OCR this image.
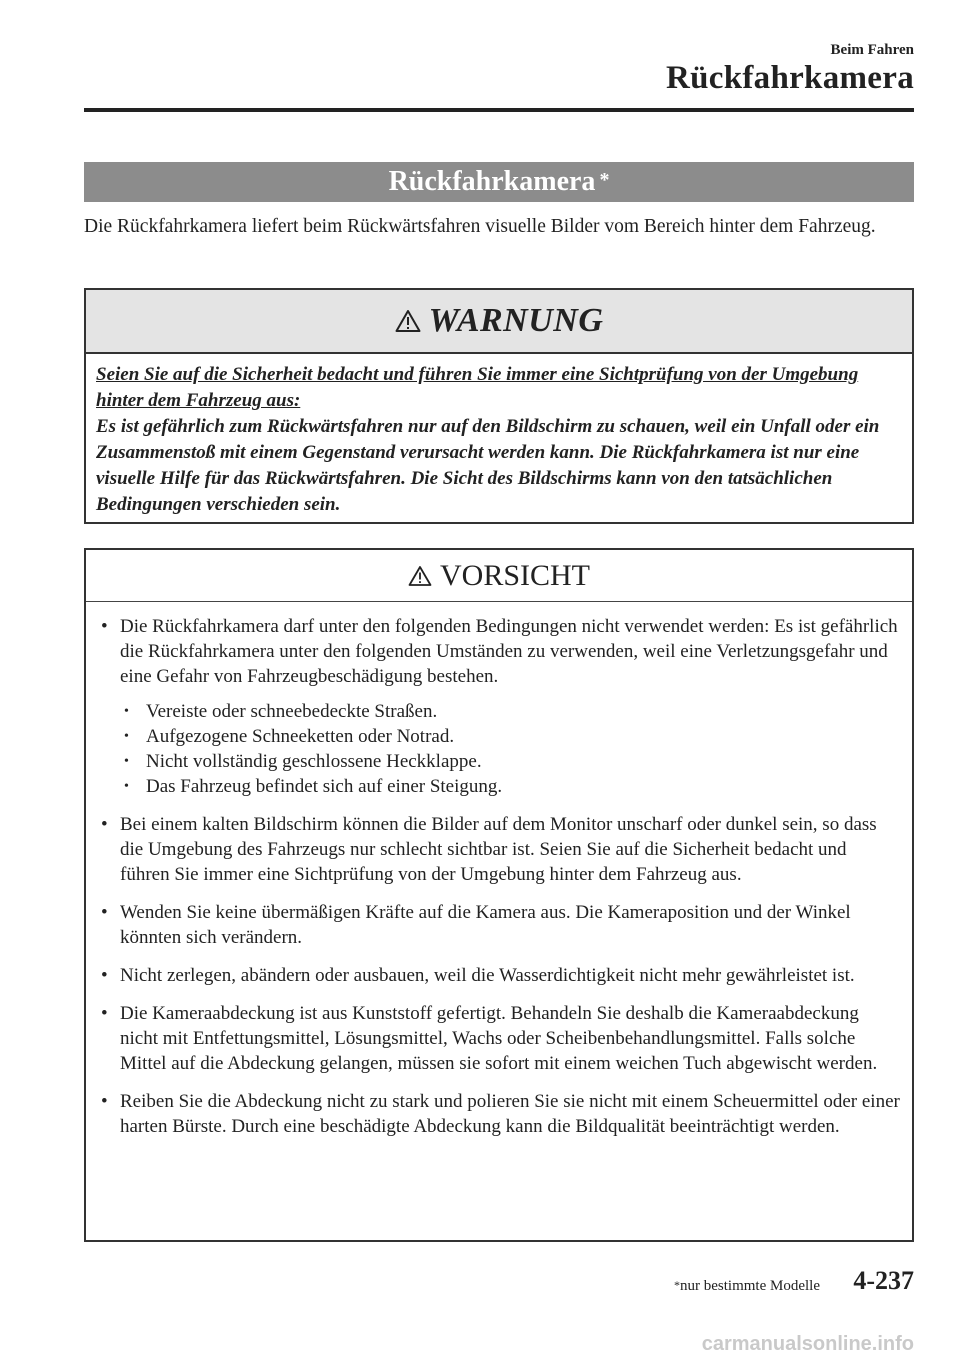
Beim Fahren
Rückfahrkamera
Rückfahrkamera *
Die Rückfahrkamera liefert beim Rückwärtsfahren visuelle Bilder vom Bereich hinter dem Fahrzeug.
WARNUNG
Seien Sie auf die Sicherheit bedacht und führen Sie immer eine Sichtprüfung von der Umgebung hinter dem Fahrzeug aus:
Es ist gefährlich zum Rückwärtsfahren nur auf den Bildschirm zu schauen, weil ein Unfall oder ein Zusammenstoß mit einem Gegenstand verursacht werden kann. Die Rückfahrkamera ist nur eine visuelle Hilfe für das Rückwärtsfahren. Die Sicht des Bildschirms kann von den tatsächlichen Bedingungen verschieden sein.
VORSICHT
• Die Rückfahrkamera darf unter den folgenden Bedingungen nicht verwendet werden: Es ist gefährlich die Rückfahrkamera unter den folgenden Umständen zu verwenden, weil eine Verletzungsgefahr und eine Gefahr von Fahrzeugbeschädigung bestehen.
• Vereiste oder schneebedeckte Straßen.
• Aufgezogene Schneeketten oder Notrad.
• Nicht vollständig geschlossene Heckklappe.
• Das Fahrzeug befindet sich auf einer Steigung.
• Bei einem kalten Bildschirm können die Bilder auf dem Monitor unscharf oder dunkel sein, so dass die Umgebung des Fahrzeugs nur schlecht sichtbar ist. Seien Sie auf die Sicherheit bedacht und führen Sie immer eine Sichtprüfung von der Umgebung hinter dem Fahrzeug aus.
• Wenden Sie keine übermäßigen Kräfte auf die Kamera aus. Die Kameraposition und der Winkel könnten sich verändern.
• Nicht zerlegen, abändern oder ausbauen, weil die Wasserdichtigkeit nicht mehr gewährleistet ist.
• Die Kameraabdeckung ist aus Kunststoff gefertigt. Behandeln Sie deshalb die Kameraabdeckung nicht mit Entfettungsmittel, Lösungsmittel, Wachs oder Scheibenbehandlungsmittel. Falls solche Mittel auf die Abdeckung gelangen, müssen sie sofort mit einem weichen Tuch abgewischt werden.
• Reiben Sie die Abdeckung nicht zu stark und polieren Sie sie nicht mit einem Scheuermittel oder einer harten Bürste. Durch eine beschädigte Abdeckung kann die Bildqualität beeinträchtigt werden.
*nur bestimmte Modelle 4-237
carmanualsonline.info
